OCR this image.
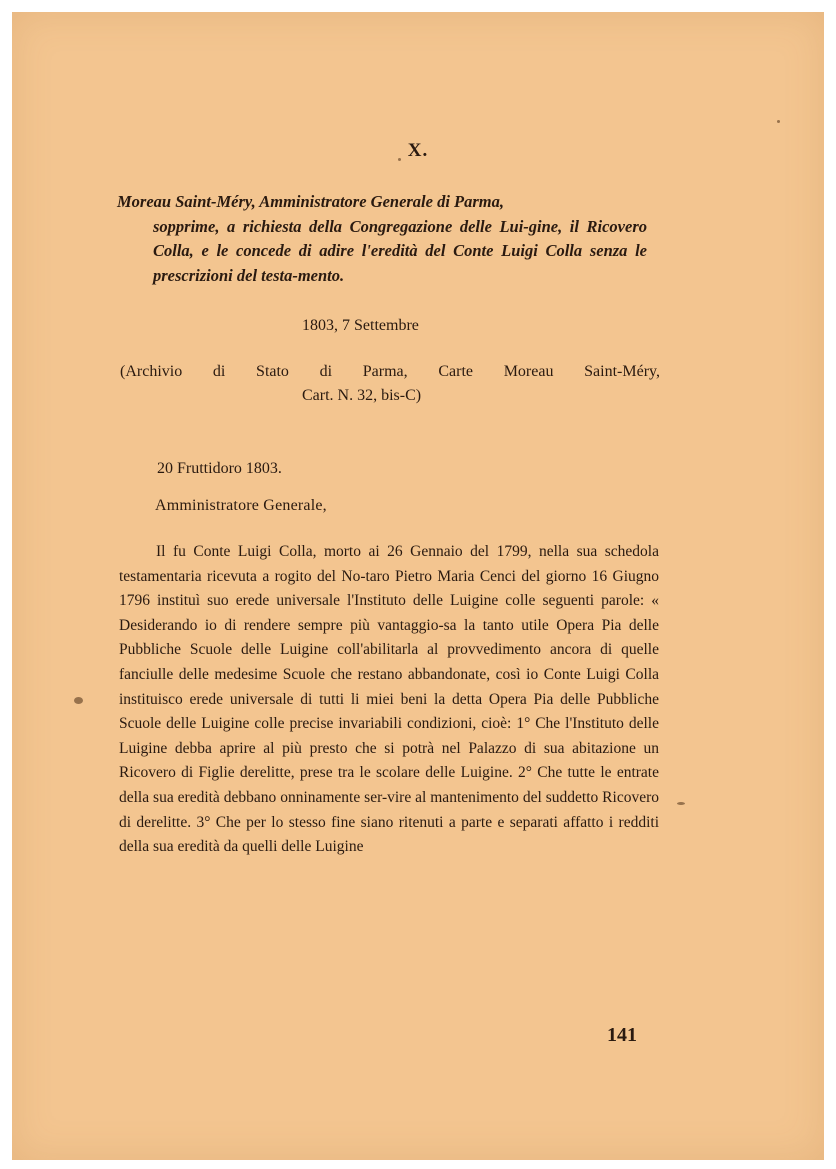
X.
Moreau Saint-Méry, Amministratore Generale di Parma,
sopprime, a richiesta della Congregazione delle Lui-gine, il Ricovero Colla, e le concede di adire l'eredità del Conte Luigi Colla senza le prescrizioni del testa-mento.
1803, 7 Settembre
(Archivio di Stato di Parma, Carte Moreau Saint-Méry,
Cart. N. 32, bis-C)
20 Fruttidoro 1803.
Amministratore Generale,

Il fu Conte Luigi Colla, morto ai 26 Gennaio del 1799, nella sua schedola testamentaria ricevuta a rogito del No-taro Pietro Maria Cenci del giorno 16 Giugno 1796 instituì suo erede universale l'Instituto delle Luigine colle seguenti parole: « Desiderando io di rendere sempre più vantaggio-sa la tanto utile Opera Pia delle Pubbliche Scuole delle Luigine coll'abilitarla al provvedimento ancora di quelle fanciulle delle medesime Scuole che restano abbandonate, così io Conte Luigi Colla instituisco erede universale di tutti li miei beni la detta Opera Pia delle Pubbliche Scuole delle Luigine colle precise invariabili condizioni, cioè: 1° Che l'Instituto delle Luigine debba aprire al più presto che si potrà nel Palazzo di sua abitazione un Ricovero di Figlie derelitte, prese tra le scolare delle Luigine. 2° Che tutte le entrate della sua eredità debbano onninamente ser-vire al mantenimento del suddetto Ricovero di derelitte. 3° Che per lo stesso fine siano ritenuti a parte e separati affatto i redditi della sua eredità da quelli delle Luigine

141
